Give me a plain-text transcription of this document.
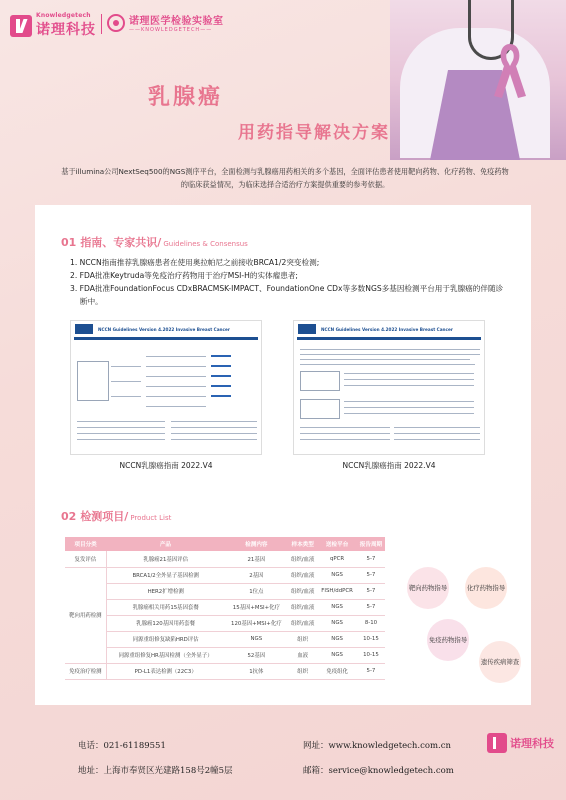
Knowledgetech
诺理科技
诺理医学检验实验室
——KNOWLEDGETECH——
乳腺癌
用药指导解决方案
基于illumina公司NextSeq500的NGS测序平台，全面检测与乳腺癌用药相关的多个基因，全面评估患者使用靶向药物、化疗药物、免疫药物的临床获益情况，为临床选择合适治疗方案提供重要的参考依据。
01 指南、专家共识/ Guidelines & Consensus
1. NCCN指南推荐乳腺癌患者在使用奥拉帕尼之前接收BRCA1/2突变检测;
2. FDA批准Keytruda等免疫治疗药物用于治疗MSI-H的实体瘤患者;
3. FDA批准FoundationFocus CDxBRACMSK-IMPACT、FoundationOne CDx等多数NGS多基因检测平台用于乳腺癌的伴随诊断中。
NCCN Guidelines Version 4.2022 Invasive Breast Cancer
NCCN乳腺癌指南 2022.V4
NCCN Guidelines Version 4.2022 Invasive Breast Cancer
NCCN乳腺癌指南 2022.V4
02 检测项目/ Product List
项目分类	产品	检测内容	样本类型	送检平台	报告周期
复发评估	乳腺癌21基因评估	21基因	组织/血液	qPCR	5-7
靶向用药检测	BRCA1/2全外显子基因检测	2基因	组织/血液	NGS	5-7
	HER2扩增检测	1位点	组织/血液	FISH/ddPCR	5-7
	乳腺癌相关用药15基因套餐	15基因+MSI+化疗	组织/血液	NGS	5-7
	乳腺癌120基因用药套餐	120基因+MSI+化疗	组织/血液	NGS	8-10
	同源重组修复缺陷HRD评估	NGS	组织	NGS	10-15
	同源重组修复HR基因检测（全外显子）	52基因	血液	NGS	10-15
免疫治疗检测	PD-L1表达检测（22C3）	1抗体	组织	免疫组化	5-7
靶向药物指导	化疗药物指导
免疫药物指导
遗传疾病筛查
电话：021-61189551
地址：上海市奉贤区光建路158号2幢5层
网址：www.knowledgetech.com.cn
邮箱：service@knowledgetech.com
诺理科技
